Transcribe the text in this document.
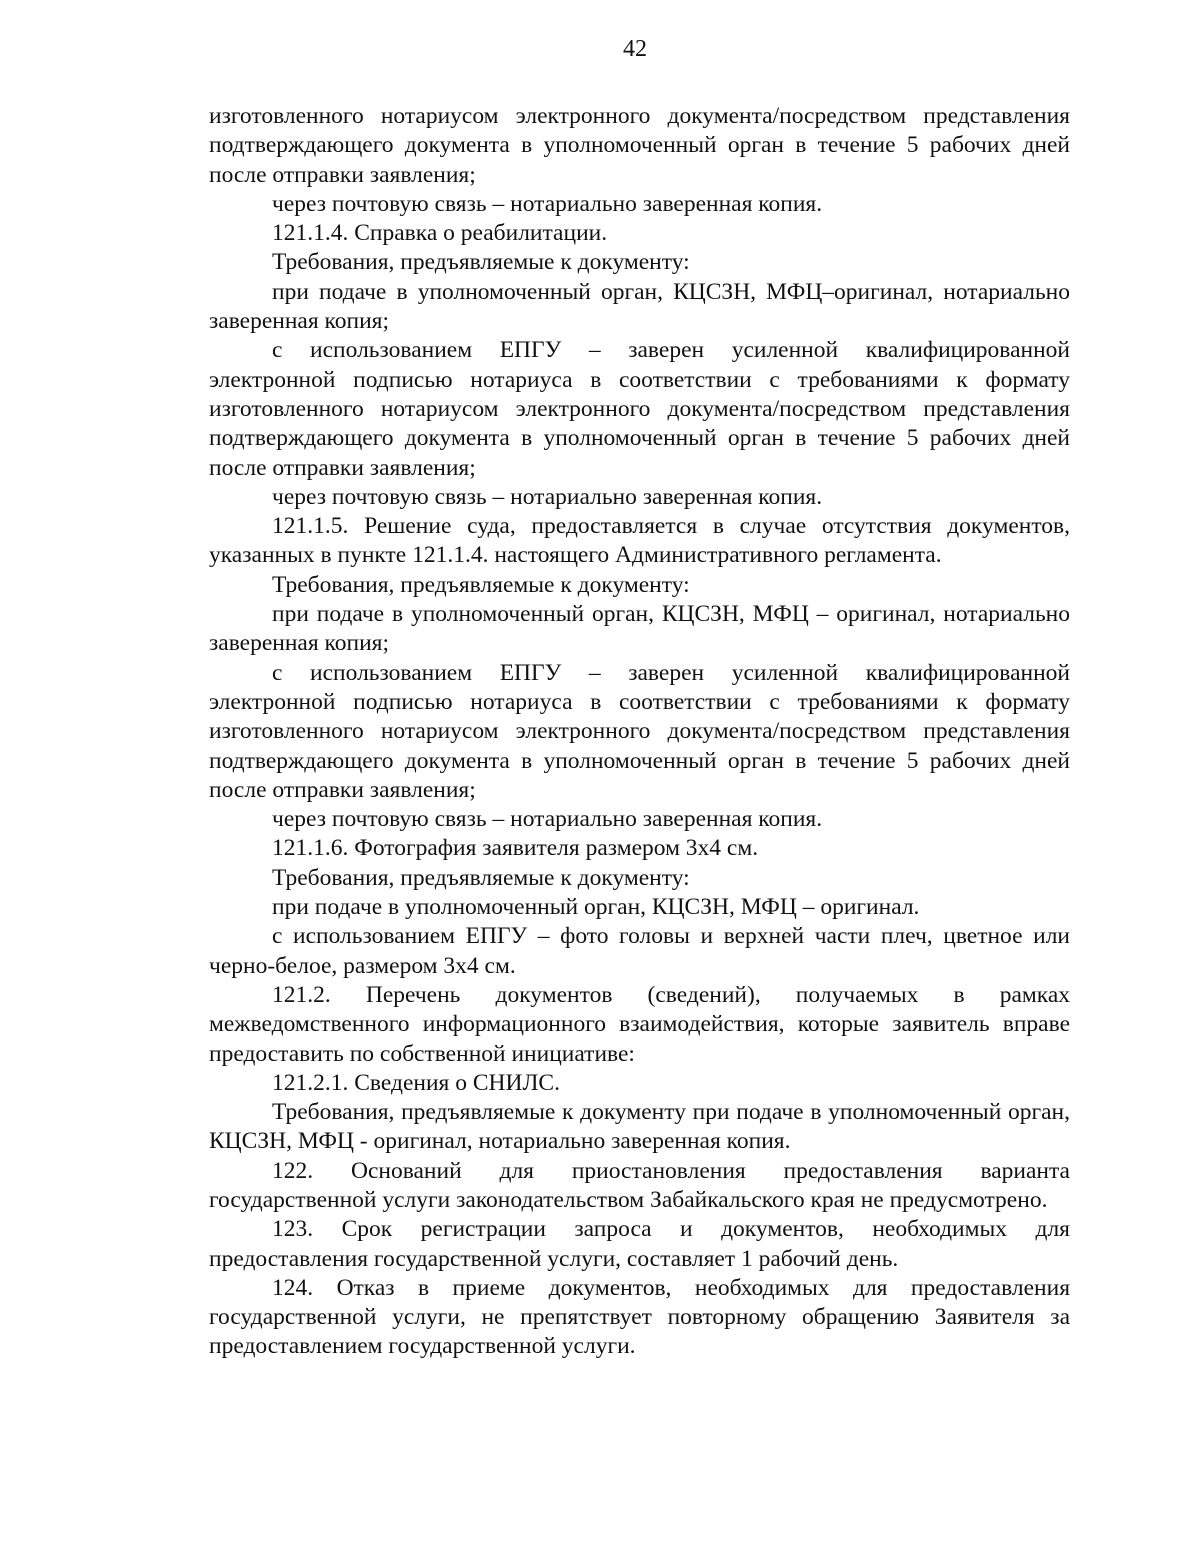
42

изготовленного нотариусом электронного документа/посредством представления подтверждающего документа в уполномоченный орган в течение 5 рабочих дней после отправки заявления;

через почтовую связь – нотариально заверенная копия.

121.1.4. Справка о реабилитации.

Требования, предъявляемые к документу:

при подаче в уполномоченный орган, КЦСЗН, МФЦ–оригинал, нотариально заверенная копия;

с использованием ЕПГУ – заверен усиленной квалифицированной электронной подписью нотариуса в соответствии с требованиями к формату изготовленного нотариусом электронного документа/посредством представления подтверждающего документа в уполномоченный орган в течение 5 рабочих дней после отправки заявления;

через почтовую связь – нотариально заверенная копия.

121.1.5. Решение суда, предоставляется в случае отсутствия документов, указанных в пункте 121.1.4. настоящего Административного регламента.

Требования, предъявляемые к документу:

при подаче в уполномоченный орган, КЦСЗН, МФЦ – оригинал, нотариально заверенная копия;

с использованием ЕПГУ – заверен усиленной квалифицированной электронной подписью нотариуса в соответствии с требованиями к формату изготовленного нотариусом электронного документа/посредством представления подтверждающего документа в уполномоченный орган в течение 5 рабочих дней после отправки заявления;

через почтовую связь – нотариально заверенная копия.

121.1.6. Фотография заявителя размером 3х4 см.

Требования, предъявляемые к документу:

при подаче в уполномоченный орган, КЦСЗН, МФЦ – оригинал.

с использованием ЕПГУ – фото головы и верхней части плеч, цветное или черно-белое, размером 3х4 см.

121.2. Перечень документов (сведений), получаемых в рамках межведомственного информационного взаимодействия, которые заявитель вправе предоставить по собственной инициативе:

121.2.1. Сведения о СНИЛС.

Требования, предъявляемые к документу при подаче в уполномоченный орган, КЦСЗН, МФЦ - оригинал, нотариально заверенная копия.

122. Оснований для приостановления предоставления варианта государственной услуги законодательством Забайкальского края не предусмотрено.

123. Срок регистрации запроса и документов, необходимых для предоставления государственной услуги, составляет 1 рабочий день.

124. Отказ в приеме документов, необходимых для предоставления государственной услуги, не препятствует повторному обращению Заявителя за предоставлением государственной услуги.
